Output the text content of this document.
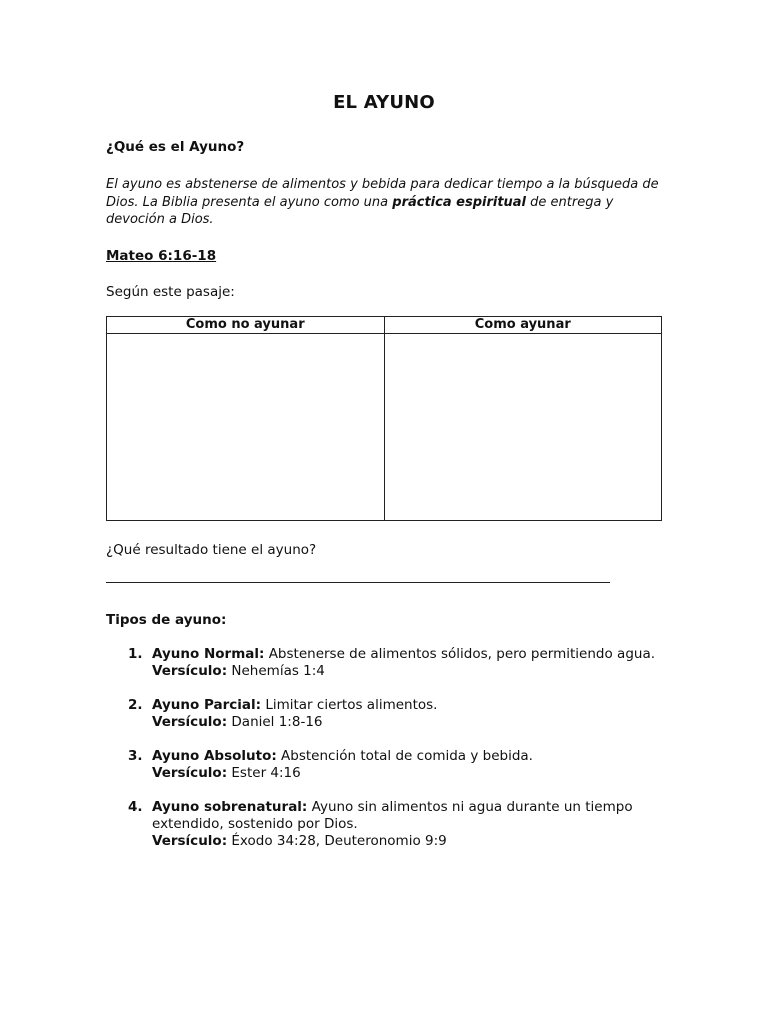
EL AYUNO
¿Qué es el Ayuno?

El ayuno es abstenerse de alimentos y bebida para dedicar tiempo a la búsqueda de Dios. La Biblia presenta el ayuno como una práctica espiritual de entrega y devoción a Dios.

Mateo 6:16-18
Según este pasaje:
Como no ayunar	Como ayunar

¿Qué resultado tiene el ayuno?
Tipos de ayuno:
1. Ayuno Normal: Abstenerse de alimentos sólidos, pero permitiendo agua.
Versículo: Nehemías 1:4
2. Ayuno Parcial: Limitar ciertos alimentos.
Versículo: Daniel 1:8-16
3. Ayuno Absoluto: Abstención total de comida y bebida.
Versículo: Ester 4:16
4. Ayuno sobrenatural: Ayuno sin alimentos ni agua durante un tiempo extendido, sostenido por Dios.
Versículo: Éxodo 34:28, Deuteronomio 9:9
